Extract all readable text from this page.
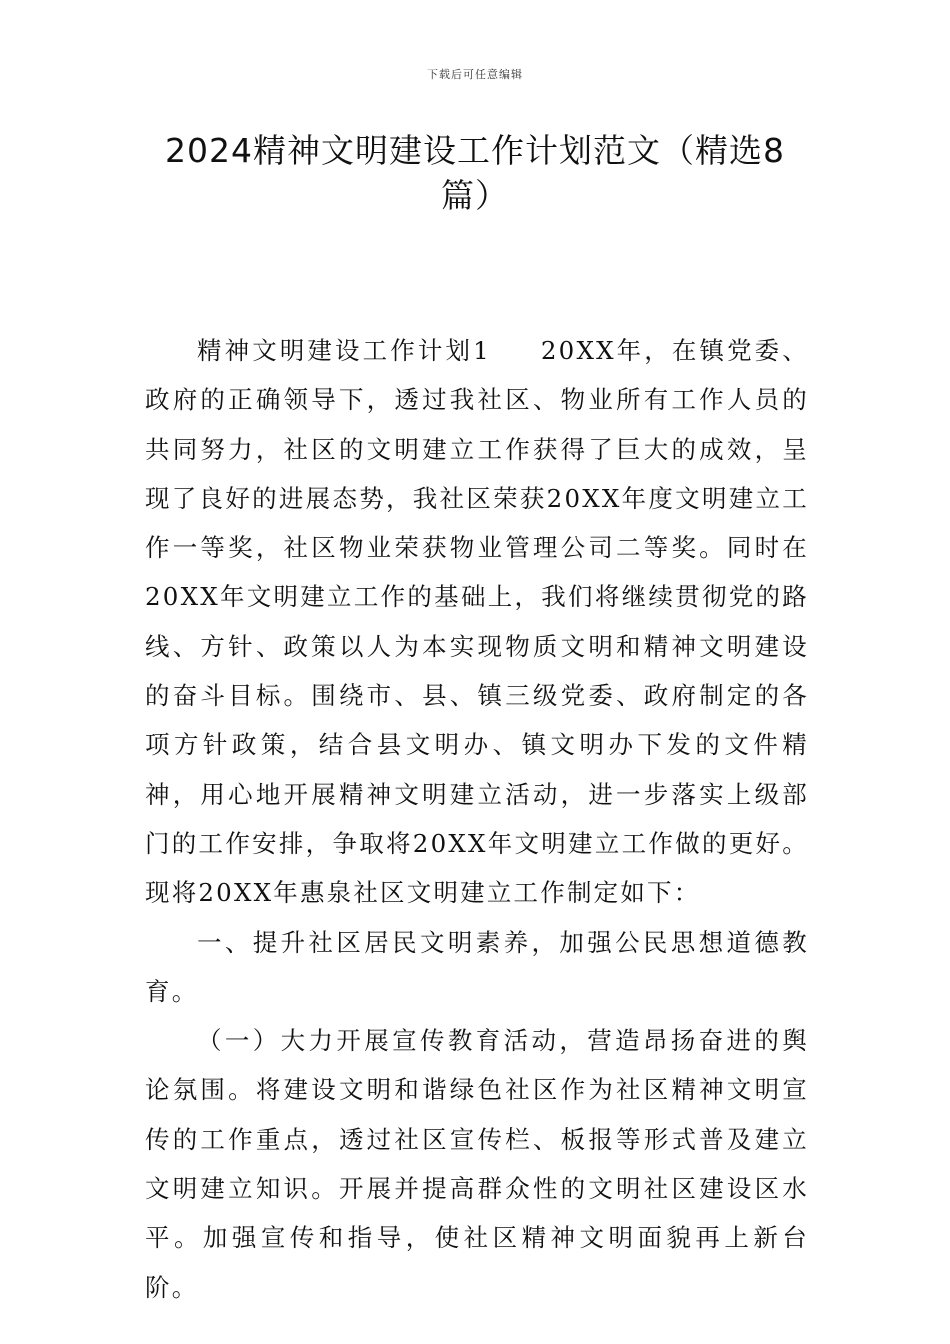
下载后可任意编辑
2024精神文明建设工作计划范文（精选8篇）

精神文明建设工作计划1 20XX年，在镇党委、政府的正确领导下，透过我社区、物业所有工作人员的共同努力，社区的文明建立工作获得了巨大的成效，呈现了良好的进展态势，我社区荣获20XX年度文明建立工作一等奖，社区物业荣获物业管理公司二等奖。同时在20XX年文明建立工作的基础上，我们将继续贯彻党的路线、方针、政策以人为本实现物质文明和精神文明建设的奋斗目标。围绕市、县、镇三级党委、政府制定的各项方针政策，结合县文明办、镇文明办下发的文件精神，用心地开展精神文明建立活动，进一步落实上级部门的工作安排，争取将20XX年文明建立工作做的更好。现将20XX年惠泉社区文明建立工作制定如下：

一、提升社区居民文明素养，加强公民思想道德教育。

（一）大力开展宣传教育活动，营造昂扬奋进的舆论氛围。将建设文明和谐绿色社区作为社区精神文明宣传的工作重点，透过社区宣传栏、板报等形式普及建立文明建立知识。开展并提高群众性的文明社区建设区水平。加强宣传和指导，使社区精神文明面貌再上新台阶。
